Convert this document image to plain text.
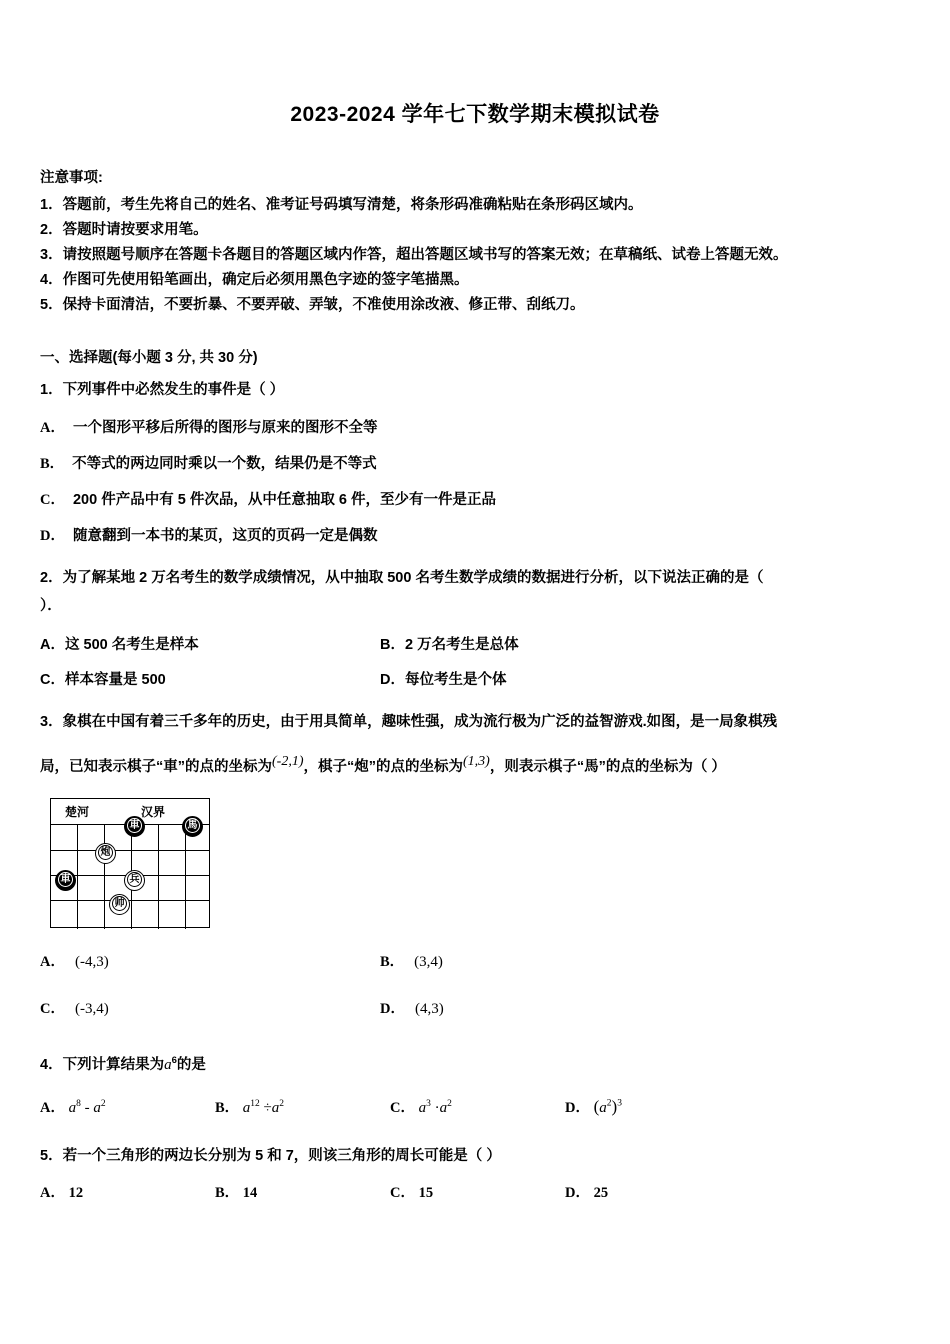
2023-2024 学年七下数学期末模拟试卷
注意事项:
1．答题前，考生先将自己的姓名、准考证号码填写清楚，将条形码准确粘贴在条形码区域内。
2．答题时请按要求用笔。
3．请按照题号顺序在答题卡各题目的答题区域内作答，超出答题区域书写的答案无效；在草稿纸、试卷上答题无效。
4．作图可先使用铅笔画出，确定后必须用黑色字迹的签字笔描黑。
5．保持卡面清洁，不要折暴、不要弄破、弄皱，不准使用涂改液、修正带、刮纸刀。
一、选择题(每小题 3 分, 共 30 分)
1．下列事件中必然发生的事件是（ ）
A． 一个图形平移后所得的图形与原来的图形不全等
B． 不等式的两边同时乘以一个数，结果仍是不等式
C． 200 件产品中有 5 件次品，从中任意抽取 6 件，至少有一件是正品
D． 随意翻到一本书的某页，这页的页码一定是偶数
2．为了解某地 2 万名考生的数学成绩情况，从中抽取 500 名考生数学成绩的数据进行分析，以下说法正确的是（
）．
A．这 500 名考生是样本	B．2 万名考生是总体
C．样本容量是 500	D．每位考生是个体
3．象棋在中国有着三千多年的历史，由于用具简单，趣味性强，成为流行极为广泛的益智游戏.如图，是一局象棋残
局，已知表示棋子“車”的点的坐标为(-2,1)，棋子“炮”的点的坐标为(1,3)，则表示棋子“馬”的点的坐标为（ ）
楚河	汉界
車	馬
炮
車	兵
帅
A． (-4,3)	B． (3,4)
C． (-3,4)	D． (4,3)
4．下列计算结果为$a^6$的是
A． $a^8 - a^2$	B． $a^{12} \div a^2$	C． $a^3 \cdot a^2$	D． $(a^2)^3$
5．若一个三角形的两边长分别为 5 和 7，则该三角形的周长可能是（ ）
A． 12	B． 14	C． 15	D． 25
